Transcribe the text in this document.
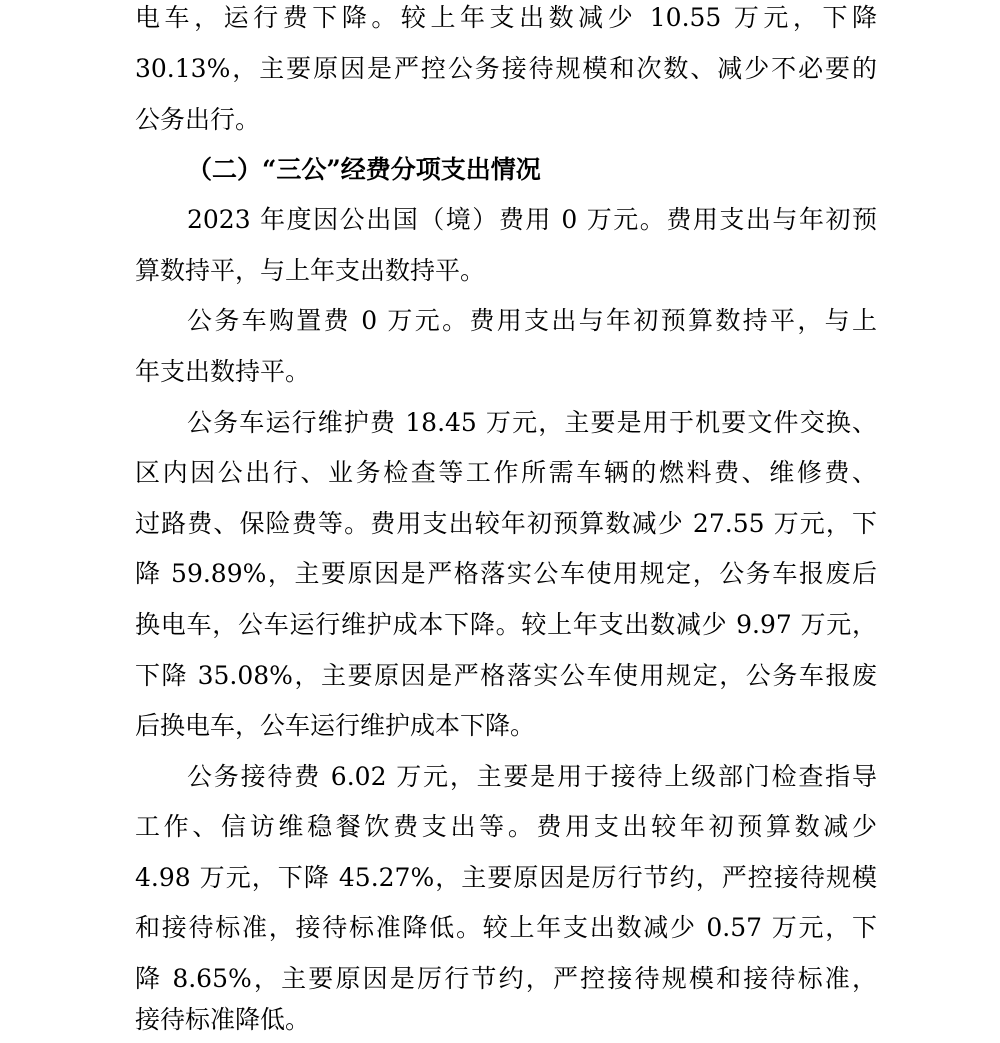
电车，运行费下降。较上年支出数减少 10.55 万元，下降
30.13%，主要原因是严控公务接待规模和次数、减少不必要的
公务出行。
（二）“三公”经费分项支出情况
2023 年度因公出国（境）费用 0 万元。费用支出与年初预
算数持平，与上年支出数持平。
公务车购置费 0 万元。费用支出与年初预算数持平，与上
年支出数持平。
公务车运行维护费 18.45 万元，主要是用于机要文件交换、
区内因公出行、业务检查等工作所需车辆的燃料费、维修费、
过路费、保险费等。费用支出较年初预算数减少 27.55 万元，下
降 59.89%，主要原因是严格落实公车使用规定，公务车报废后
换电车，公车运行维护成本下降。较上年支出数减少 9.97 万元，
下降 35.08%，主要原因是严格落实公车使用规定，公务车报废
后换电车，公车运行维护成本下降。
公务接待费 6.02 万元，主要是用于接待上级部门检查指导
工作、信访维稳餐饮费支出等。费用支出较年初预算数减少
4.98 万元，下降 45.27%，主要原因是厉行节约，严控接待规模
和接待标准，接待标准降低。较上年支出数减少 0.57 万元，下
降 8.65%，主要原因是厉行节约，严控接待规模和接待标准，
接待标准降低。
